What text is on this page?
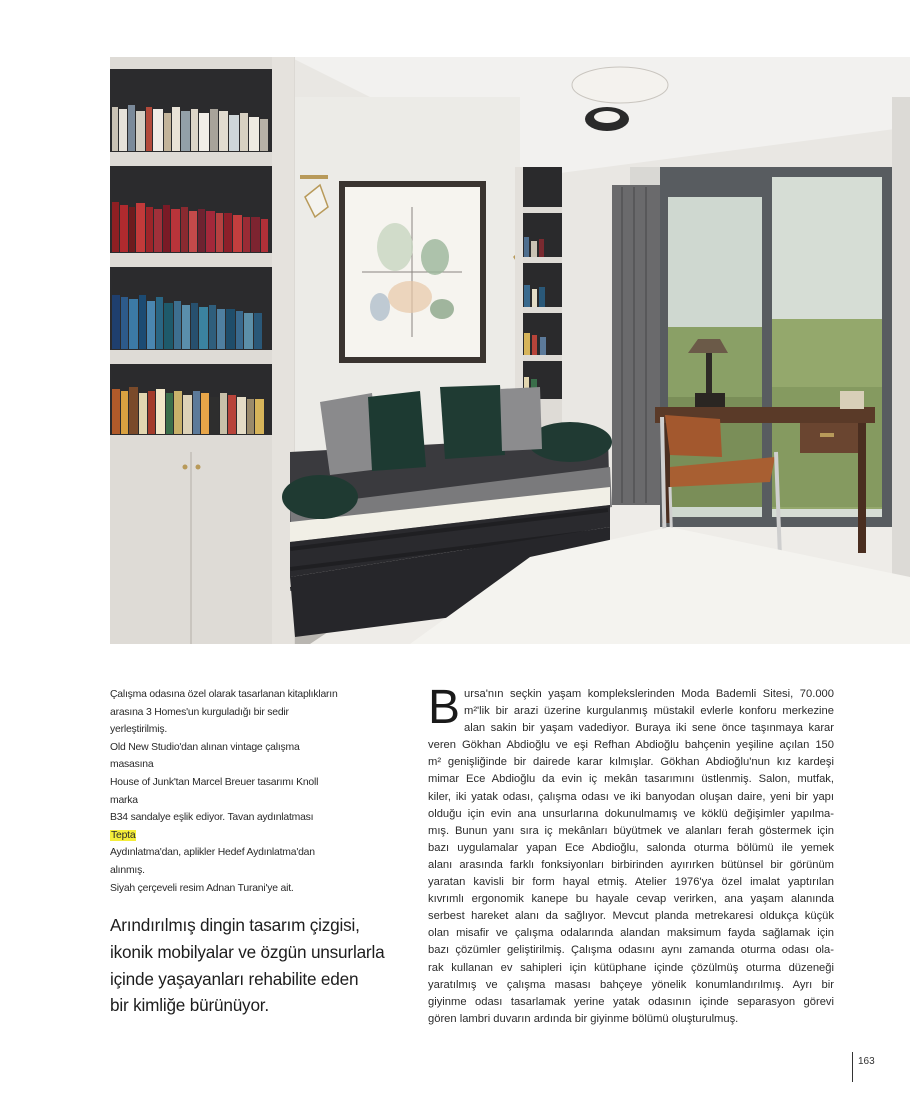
Çalışma odasına özel olarak tasarlanan kitaplıkların
arasına 3 Homes'un kurguladığı bir sedir yerleştirilmiş.
Old New Studio'dan alınan vintage çalışma masasına
House of Junk'tan Marcel Breuer tasarımı Knoll marka
B34 sandalye eşlik ediyor. Tavan aydınlatması Tepta
Aydınlatma'dan, aplikler Hedef Aydınlatma'dan alınmış.
Siyah çerçeveli resim Adnan Turani'ye ait.
Arındırılmış dingin tasarım çizgisi,
ikonik mobilyalar ve özgün unsurlarla
içinde yaşayanları rehabilite eden
bir kimliğe bürünüyor.
B ursa'nın seçkin yaşam komplekslerinden Moda Bademli Sitesi, 70.000
m²'lik bir arazi üzerine kurgulanmış müstakil evlerle konforu merkezine
alan sakin bir yaşam vadediyor. Buraya iki sene önce taşınmaya karar
veren Gökhan Abdioğlu ve eşi Refhan Abdioğlu bahçenin yeşiline açılan 150
m² genişliğinde bir dairede karar kılmışlar. Gökhan Abdioğlu'nun kız kardeşi
mimar Ece Abdioğlu da evin iç mekân tasarımını üstlenmiş. Salon, mutfak,
kiler, iki yatak odası, çalışma odası ve iki banyodan oluşan daire, yeni bir yapı
olduğu için evin ana unsurlarına dokunulmamış ve köklü değişimler yapılma-
mış. Bunun yanı sıra iç mekânları büyütmek ve alanları ferah göstermek için
bazı uygulamalar yapan Ece Abdioğlu, salonda oturma bölümü ile yemek
alanı arasında farklı fonksiyonları birbirinden ayırırken bütünsel bir görünüm
yaratan kavisli bir form hayal etmiş. Atelier 1976'ya özel imalat yaptırılan
kıvrımlı ergonomik kanepe bu hayale cevap verirken, ana yaşam alanında
serbest hareket alanı da sağlıyor. Mevcut planda metrekaresi oldukça küçük
olan misafir ve çalışma odalarında alandan maksimum fayda sağlamak için
bazı çözümler geliştirilmiş. Çalışma odasını aynı zamanda oturma odası ola-
rak kullanan ev sahipleri için kütüphane içinde çözülmüş oturma düzeneği
yaratılmış ve çalışma masası bahçeye yönelik konumlandırılmış. Ayrı bir
giyinme odası tasarlamak yerine yatak odasının içinde separasyon görevi
gören lambri duvarın ardında bir giyinme bölümü oluşturulmuş.
163
